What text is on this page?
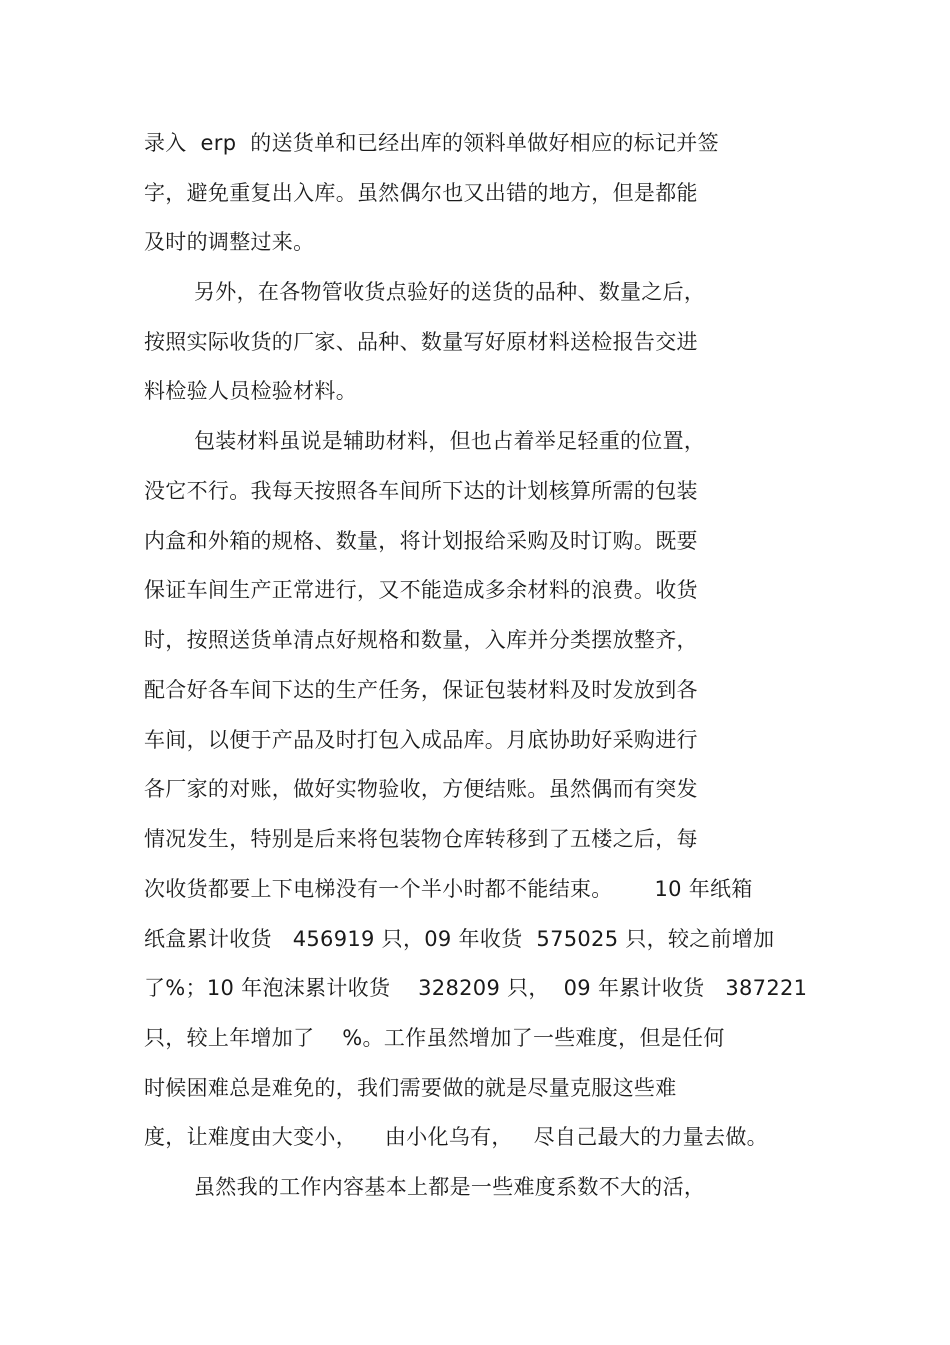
录入  erp  的送货单和已经出库的领料单做好相应的标记并签
字，避免重复出入库。虽然偶尔也又出错的地方，但是都能
及时的调整过来。
另外，在各物管收货点验好的送货的品种、数量之后，
按照实际收货的厂家、品种、数量写好原材料送检报告交进
料检验人员检验材料。
包装材料虽说是辅助材料，但也占着举足轻重的位置，
没它不行。我每天按照各车间所下达的计划核算所需的包装
内盒和外箱的规格、数量，将计划报给采购及时订购。既要
保证车间生产正常进行，又不能造成多余材料的浪费。收货
时，按照送货单清点好规格和数量，入库并分类摆放整齐，
配合好各车间下达的生产任务，保证包装材料及时发放到各
车间，以便于产品及时打包入成品库。月底协助好采购进行
各厂家的对账，做好实物验收，方便结账。虽然偶而有突发
情况发生，特别是后来将包装物仓库转移到了五楼之后，每
次收货都要上下电梯没有一个半小时都不能结束。      10 年纸箱
纸盒累计收货   456919 只，09 年收货  575025 只，较之前增加
了%；10 年泡沫累计收货    328209 只，  09 年累计收货   387221
只，较上年增加了    %。工作虽然增加了一些难度，但是任何
时候困难总是难免的，我们需要做的就是尽量克服这些难
度，让难度由大变小，    由小化乌有，   尽自己最大的力量去做。
虽然我的工作内容基本上都是一些难度系数不大的活，
